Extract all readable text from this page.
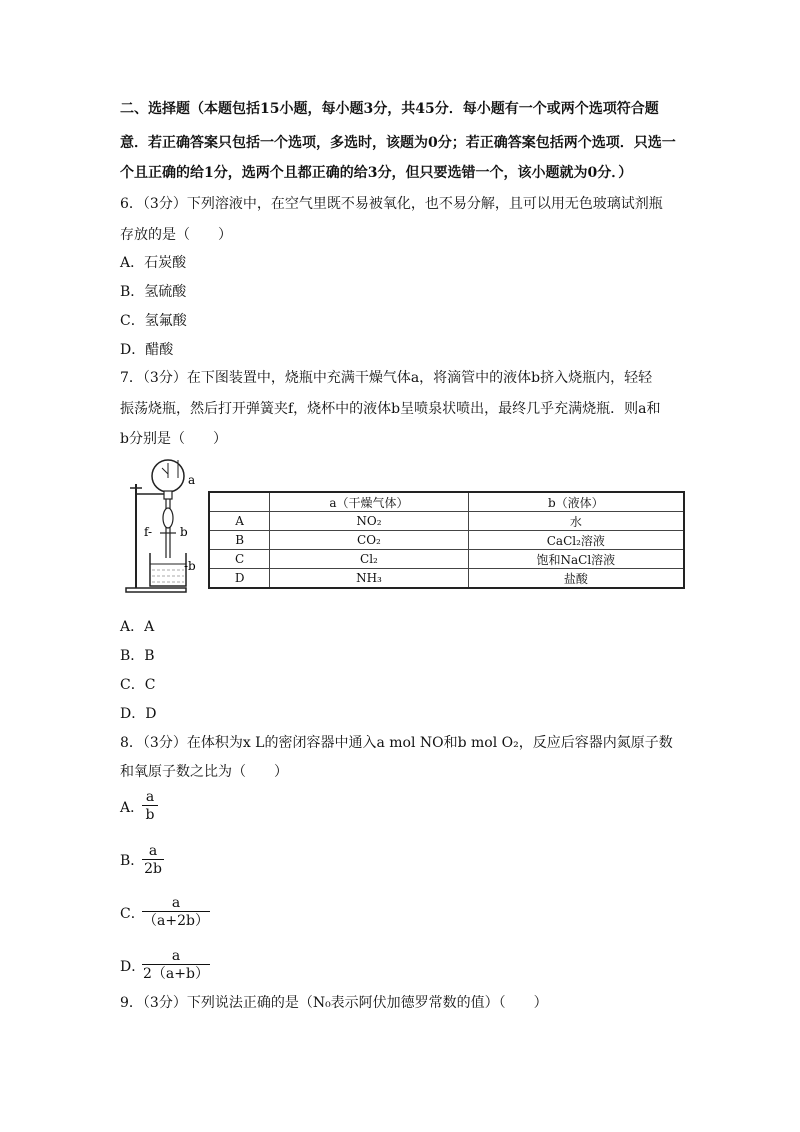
二、选择题（本题包括15小题，每小题3分，共45分．每小题有一个或两个选项符合题
意．若正确答案只包括一个选项，多选时，该题为0分；若正确答案包括两个选项．只选一
个且正确的给1分，选两个且都正确的给3分，但只要选错一个，该小题就为0分．）
6．（3分）下列溶液中，在空气里既不易被氧化，也不易分解，且可以用无色玻璃试剂瓶
存放的是（　　）
A．石炭酸
B．氢硫酸
C．氢氟酸
D．醋酸
7．（3分）在下图装置中，烧瓶中充满干燥气体a，将滴管中的液体b挤入烧瓶内，轻轻
振荡烧瓶，然后打开弹簧夹f，烧杯中的液体b呈喷泉状喷出，最终几乎充满烧瓶．则a和
b分别是（　　）
a
b
f-
-b
	a（干燥气体）	b（液体）
A	NO₂	水
B	CO₂	CaCl₂溶液
C	Cl₂	饱和NaCl溶液
D	NH₃	盐酸
A．A
B．B
C．C
D．D
8．（3分）在体积为x L的密闭容器中通入a mol NO和b mol O₂，反应后容器内氮原子数
和氧原子数之比为（　　）
A．
a
b
B．
a
2b
C．
a
（a+2b）
D．
a
2（a+b）
9．（3分）下列说法正确的是（N₀表示阿伏加德罗常数的值）（　　）
